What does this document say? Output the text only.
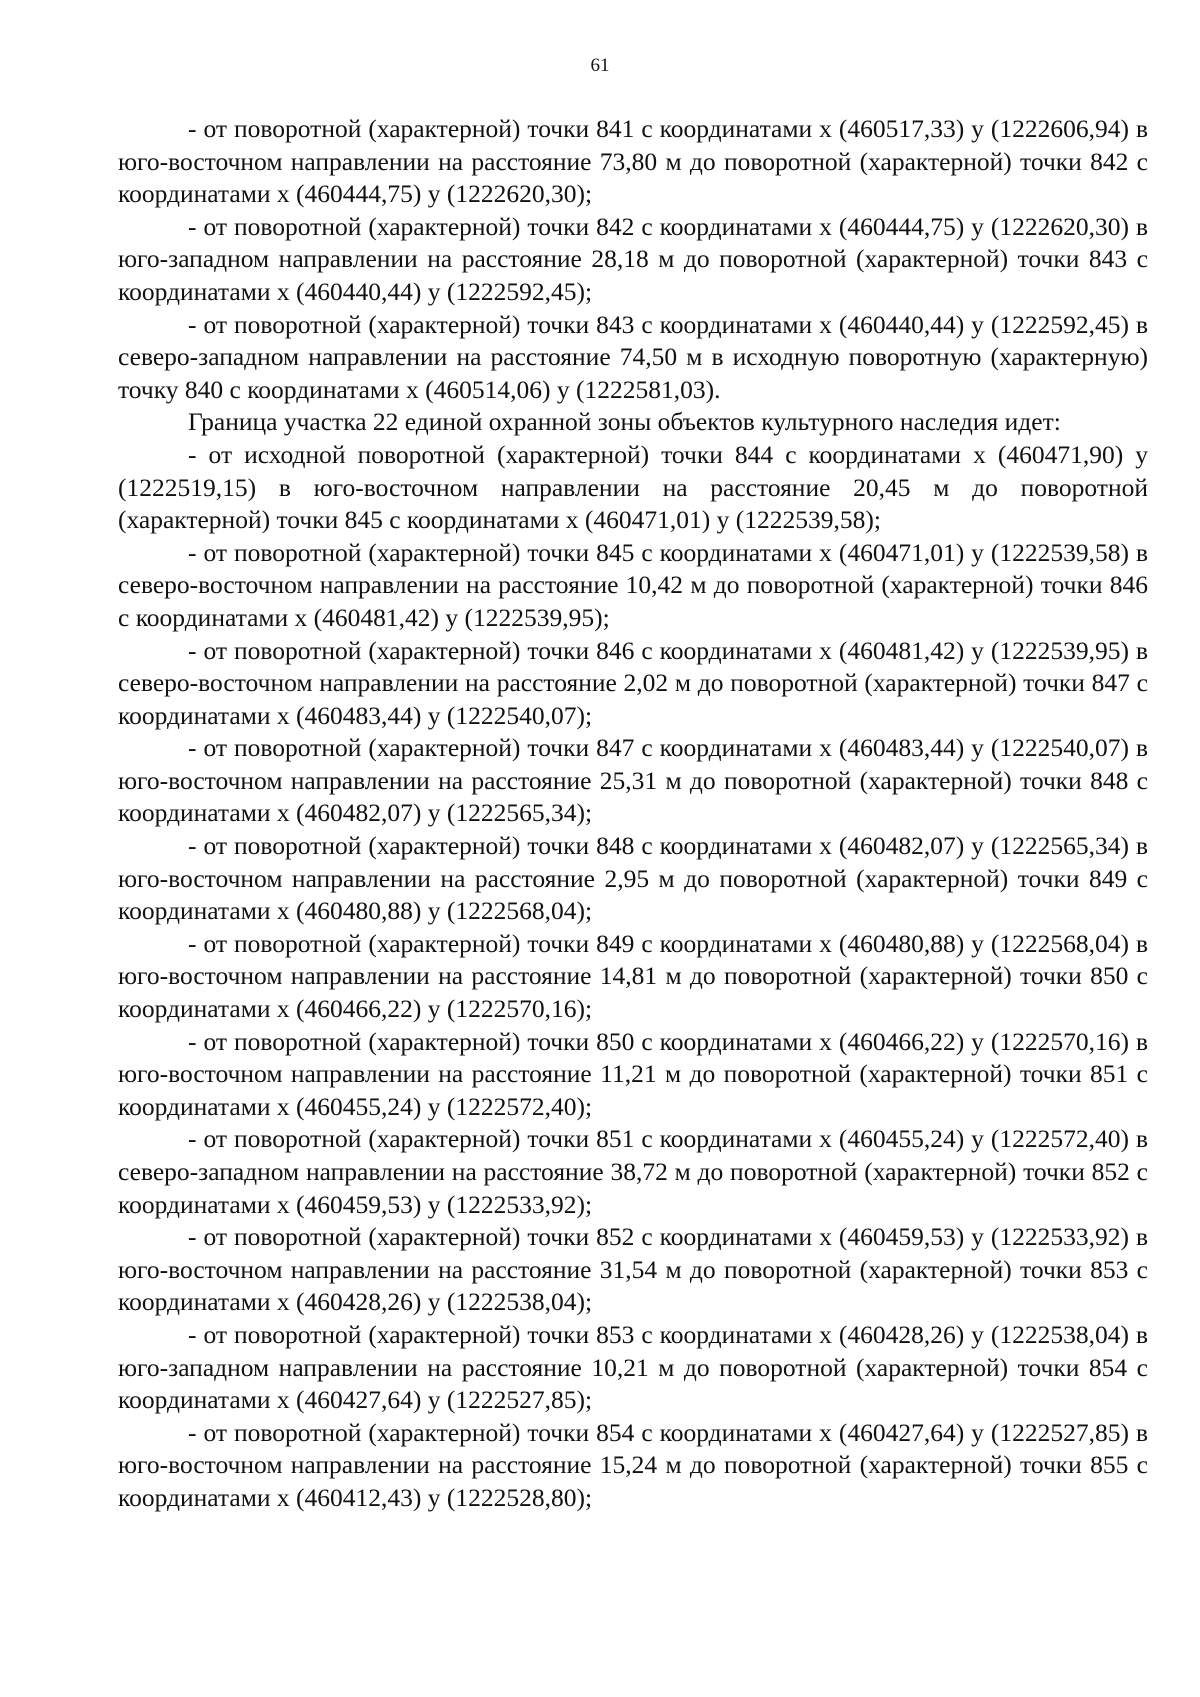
61

- от поворотной (характерной) точки 841 с координатами x (460517,33) y (1222606,94) в юго-восточном направлении на расстояние 73,80 м до поворотной (характерной) точки 842 с координатами x (460444,75) y (1222620,30);

- от поворотной (характерной) точки 842 с координатами x (460444,75) y (1222620,30) в юго-западном направлении на расстояние 28,18 м до поворотной (характерной) точки 843 с координатами x (460440,44) y (1222592,45);

- от поворотной (характерной) точки 843 с координатами x (460440,44) y (1222592,45) в северо-западном направлении на расстояние 74,50 м в исходную поворотную (характерную) точку 840 с координатами x (460514,06) y (1222581,03).

Граница участка 22 единой охранной зоны объектов культурного наследия идет:

- от исходной поворотной (характерной) точки 844 с координатами x (460471,90) y (1222519,15) в юго-восточном направлении на расстояние 20,45 м до поворотной (характерной) точки 845 с координатами x (460471,01) y (1222539,58);

- от поворотной (характерной) точки 845 с координатами x (460471,01) y (1222539,58) в северо-восточном направлении на расстояние 10,42 м до поворотной (характерной) точки 846 с координатами x (460481,42) y (1222539,95);

- от поворотной (характерной) точки 846 с координатами x (460481,42) y (1222539,95) в северо-восточном направлении на расстояние 2,02 м до поворотной (характерной) точки 847 с координатами x (460483,44) y (1222540,07);

- от поворотной (характерной) точки 847 с координатами x (460483,44) y (1222540,07) в юго-восточном направлении на расстояние 25,31 м до поворотной (характерной) точки 848 с координатами x (460482,07) y (1222565,34);

- от поворотной (характерной) точки 848 с координатами x (460482,07) y (1222565,34) в юго-восточном направлении на расстояние 2,95 м до поворотной (характерной) точки 849 с координатами x (460480,88) y (1222568,04);

- от поворотной (характерной) точки 849 с координатами x (460480,88) y (1222568,04) в юго-восточном направлении на расстояние 14,81 м до поворотной (характерной) точки 850 с координатами x (460466,22) y (1222570,16);

- от поворотной (характерной) точки 850 с координатами x (460466,22) y (1222570,16) в юго-восточном направлении на расстояние 11,21 м до поворотной (характерной) точки 851 с координатами x (460455,24) y (1222572,40);

- от поворотной (характерной) точки 851 с координатами x (460455,24) y (1222572,40) в северо-западном направлении на расстояние 38,72 м до поворотной (характерной) точки 852 с координатами x (460459,53) y (1222533,92);

- от поворотной (характерной) точки 852 с координатами x (460459,53) y (1222533,92) в юго-восточном направлении на расстояние 31,54 м до поворотной (характерной) точки 853 с координатами x (460428,26) y (1222538,04);

- от поворотной (характерной) точки 853 с координатами x (460428,26) y (1222538,04) в юго-западном направлении на расстояние 10,21 м до поворотной (характерной) точки 854 с координатами x (460427,64) y (1222527,85);

- от поворотной (характерной) точки 854 с координатами x (460427,64) y (1222527,85) в юго-восточном направлении на расстояние 15,24 м до поворотной (характерной) точки 855 с координатами x (460412,43) y (1222528,80);
